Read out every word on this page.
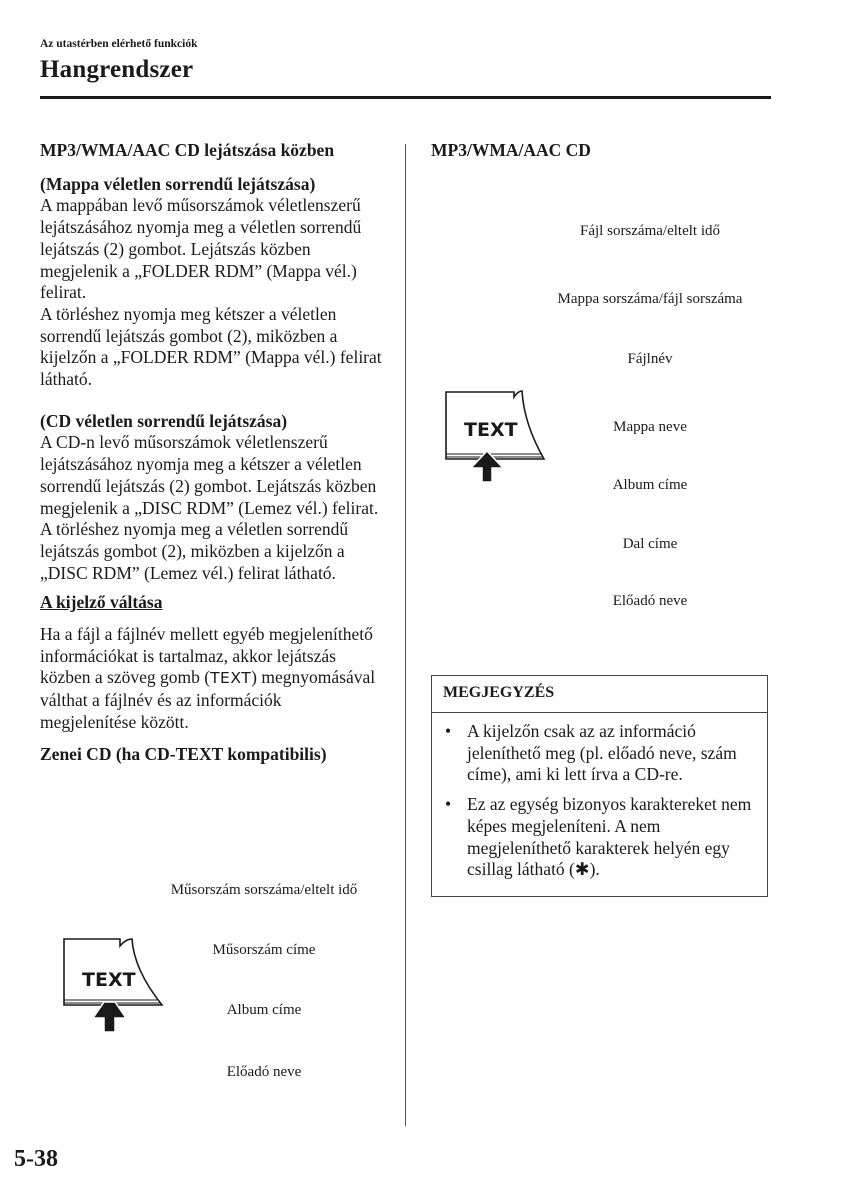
Az utastérben elérhető funkciók
Hangrendszer

MP3/WMA/AAC CD lejátszása közben

(Mappa véletlen sorrendű lejátszása)

A mappában levő műsorszámok véletlenszerű lejátszásához nyomja meg a véletlen sorrendű lejátszás (2) gombot. Lejátszás közben megjelenik a „FOLDER RDM” (Mappa vél.) felirat.

A törléshez nyomja meg kétszer a véletlen sorrendű lejátszás gombot (2), miközben a kijelzőn a „FOLDER RDM” (Mappa vél.) felirat látható.

(CD véletlen sorrendű lejátszása)

A CD-n levő műsorszámok véletlenszerű lejátszásához nyomja meg a kétszer a véletlen sorrendű lejátszás (2) gombot. Lejátszás közben megjelenik a „DISC RDM” (Lemez vél.) felirat.

A törléshez nyomja meg a véletlen sorrendű lejátszás gombot (2), miközben a kijelzőn a „DISC RDM” (Lemez vél.) felirat látható.

A kijelző váltása

Ha a fájl a fájlnév mellett egyéb megjeleníthető információkat is tartalmaz, akkor lejátszás közben a szöveg gomb (TEXT) megnyomásával válthat a fájlnév és az információk megjelenítése között.

Zenei CD (ha CD-TEXT kompatibilis)

TEXT
Műsorszám sorszáma/eltelt idő
Műsorszám címe
Album címe
Előadó neve
MP3/WMA/AAC CD
TEXT
Fájl sorszáma/eltelt idő
Mappa sorszáma/fájl sorszáma
Fájlnév
Mappa neve
Album címe
Dal címe
Előadó neve
MEGJEGYZÉS
• A kijelzőn csak az az információ jeleníthető meg (pl. előadó neve, szám címe), ami ki lett írva a CD-re.
• Ez az egység bizonyos karaktereket nem képes megjeleníteni. A nem megjeleníthető karakterek helyén egy csillag látható (✱).
5-38
